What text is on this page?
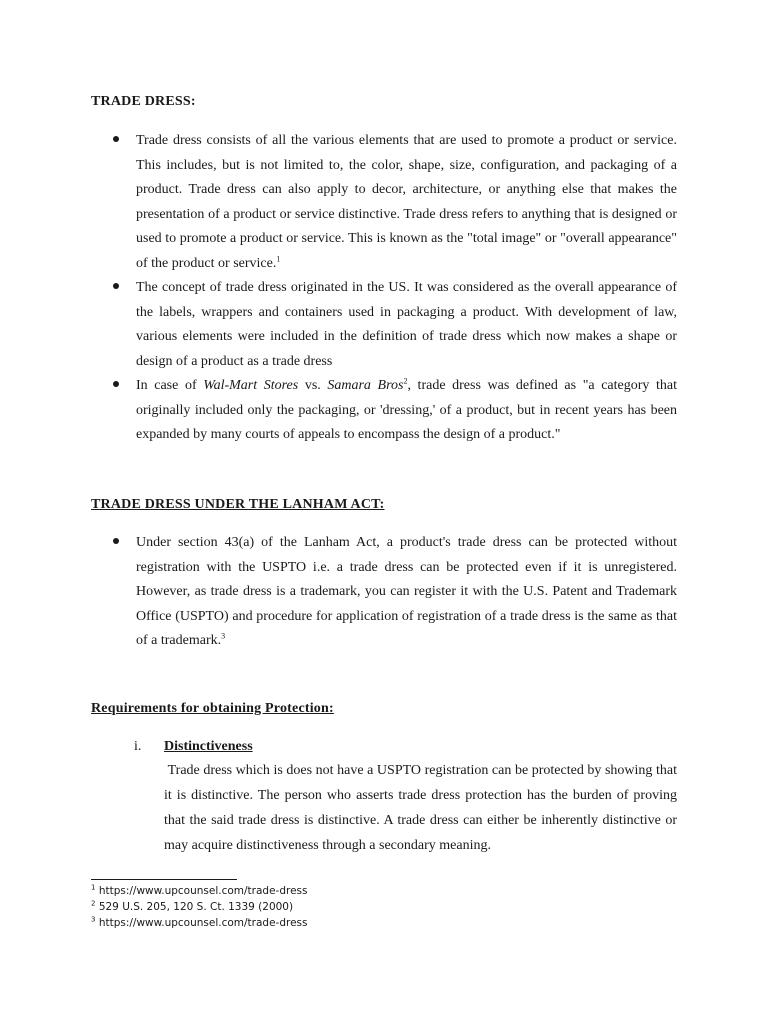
TRADE DRESS:

Trade dress consists of all the various elements that are used to promote a product or service. This includes, but is not limited to, the color, shape, size, configuration, and packaging of a product. Trade dress can also apply to decor, architecture, or anything else that makes the presentation of a product or service distinctive. Trade dress refers to anything that is designed or used to promote a product or service. This is known as the "total image" or "overall appearance" of the product or service.$^1$

The concept of trade dress originated in the US. It was considered as the overall appearance of the labels, wrappers and containers used in packaging a product. With development of law, various elements were included in the definition of trade dress which now makes a shape or design of a product as a trade dress

In case of Wal-Mart Stores vs. Samara Bros$^2$, trade dress was defined as "a category that originally included only the packaging, or 'dressing,' of a product, but in recent years has been expanded by many courts of appeals to encompass the design of a product."

TRADE DRESS UNDER THE LANHAM ACT:

Under section 43(a) of the Lanham Act, a product's trade dress can be protected without registration with the USPTO i.e. a trade dress can be protected even if it is unregistered. However, as trade dress is a trademark, you can register it with the U.S. Patent and Trademark Office (USPTO) and procedure for application of registration of a trade dress is the same as that of a trademark.$^3$

Requirements for obtaining Protection:
i. Distinctiveness

Trade dress which is does not have a USPTO registration can be protected by showing that it is distinctive. The person who asserts trade dress protection has the burden of proving that the said trade dress is distinctive. A trade dress can either be inherently distinctive or may acquire distinctiveness through a secondary meaning.

$^1$ https://www.upcounsel.com/trade-dress
$^2$ 529 U.S. 205, 120 S. Ct. 1339 (2000)
$^3$ https://www.upcounsel.com/trade-dress
